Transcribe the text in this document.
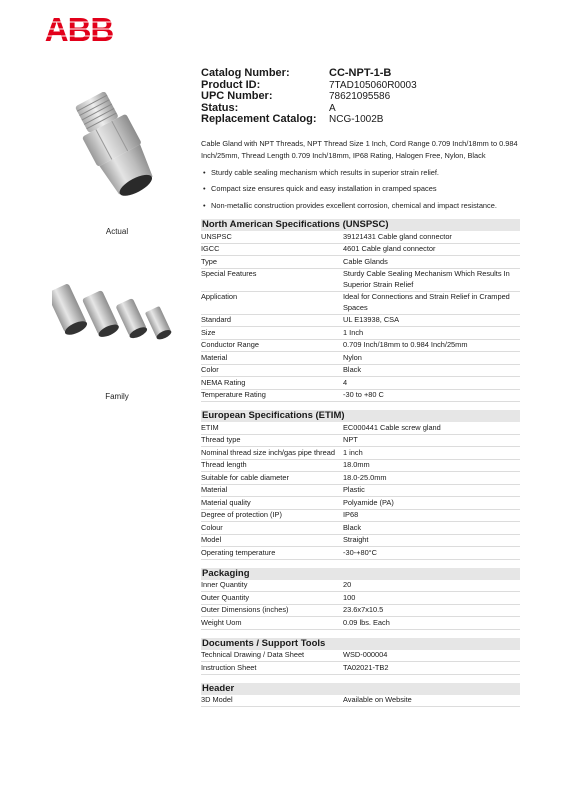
ABB
Actual
Family
Catalog Number:	CC-NPT-1-B
Product ID:	7TAD105060R0003
UPC Number:	78621095586
Status:	A
Replacement Catalog:	NCG-1002B
Cable Gland with NPT Threads, NPT Thread Size 1 Inch, Cord Range 0.709 Inch/18mm to 0.984 Inch/25mm, Thread Length 0.709 Inch/18mm, IP68 Rating, Halogen Free, Nylon, Black
• Sturdy cable sealing mechanism which results in superior strain relief.
• Compact size ensures quick and easy installation in cramped spaces
• Non-metallic construction provides excellent corrosion, chemical and impact resistance.
North American Specifications (UNSPSC)
UNSPSC	39121431 Cable gland connector
IGCC	4601 Cable gland connector
Type	Cable Glands
Special Features	Sturdy Cable Sealing Mechanism Which Results In Superior Strain Relief
Application	Ideal for Connections and Strain Relief in Cramped Spaces
Standard	UL E13938, CSA
Size	1 Inch
Conductor Range	0.709 Inch/18mm to 0.984 Inch/25mm
Material	Nylon
Color	Black
NEMA Rating	4
Temperature Rating	-30 to +80 C
European Specifications (ETIM)
ETIM	EC000441 Cable screw gland
Thread type	NPT
Nominal thread size inch/gas pipe thread	1 inch
Thread length	18.0mm
Suitable for cable diameter	18.0-25.0mm
Material	Plastic
Material quality	Polyamide (PA)
Degree of protection (IP)	IP68
Colour	Black
Model	Straight
Operating temperature	-30-+80°C
Packaging
Inner Quantity	20
Outer Quantity	100
Outer Dimensions (inches)	23.6x7x10.5
Weight Uom	0.09 lbs. Each
Documents / Support Tools
Technical Drawing / Data Sheet	WSD-000004
Instruction Sheet	TA02021-TB2
Header
3D Model	Available on Website
